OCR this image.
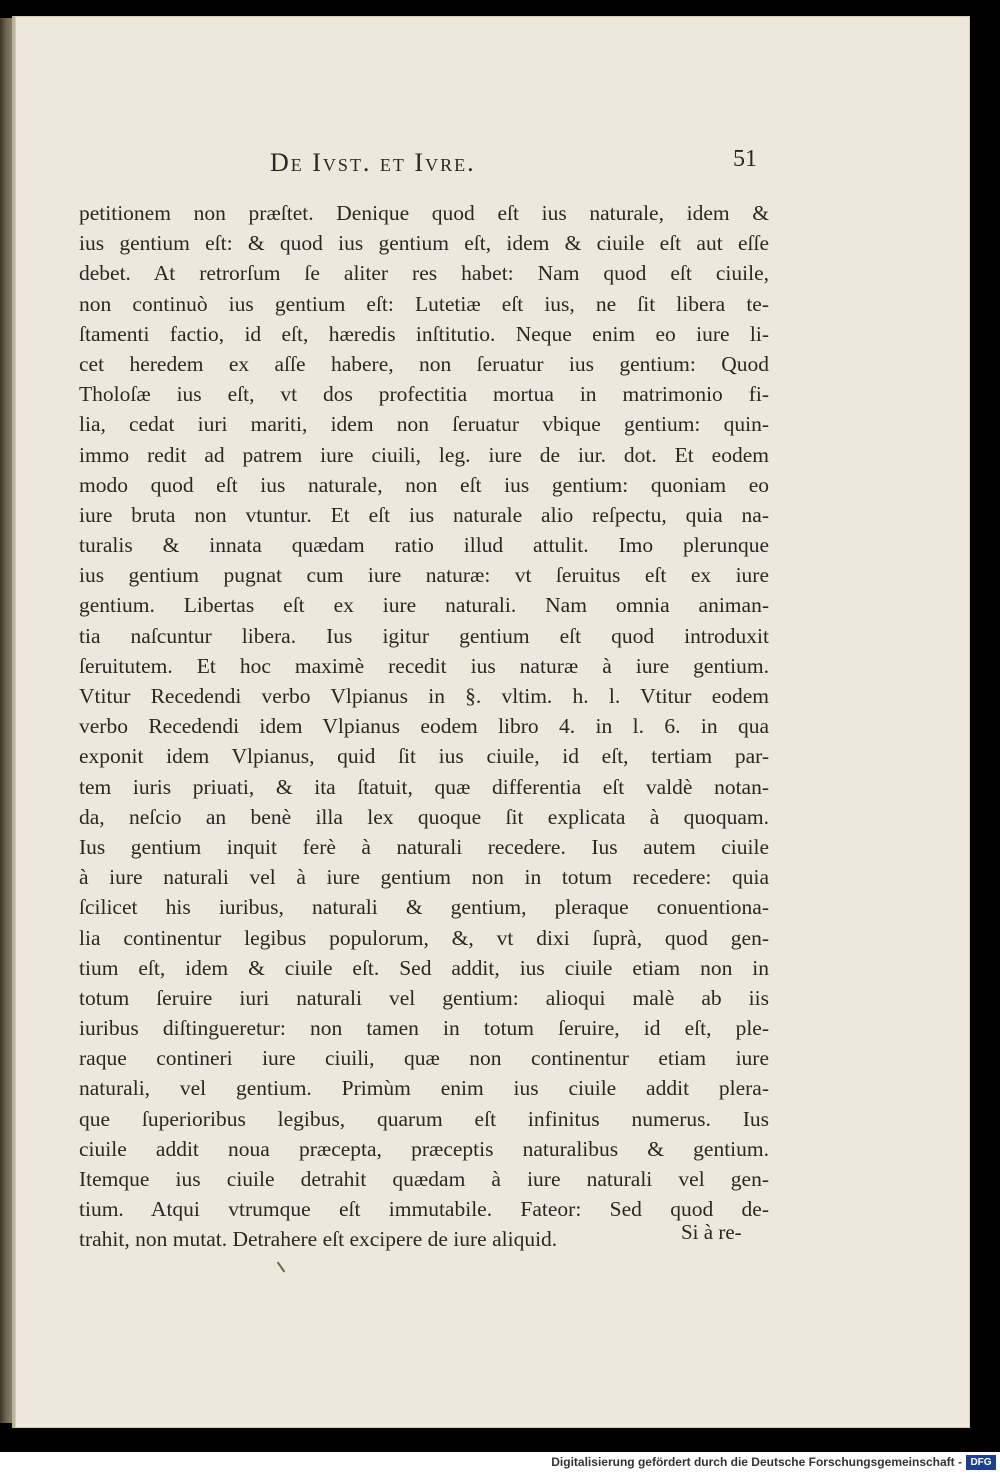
De Ivst. et Ivre.	51
petitionem non præſtet. Denique quod eſt ius naturale, idem &
ius gentium eſt: & quod ius gentium eſt, idem & ciuile eſt aut eſſe
debet. At retrorſum ſe aliter res habet: Nam quod eſt ciuile,
non continuò ius gentium eſt: Lutetiæ eſt ius, ne ſit libera te-
ſtamenti factio, id eſt, hæredis inſtitutio. Neque enim eo iure li-
cet heredem ex aſſe habere, non ſeruatur ius gentium: Quod
Tholoſæ ius eſt, vt dos profectitia mortua in matrimonio fi-
lia, cedat iuri mariti, idem non ſeruatur vbique gentium: quin-
immo redit ad patrem iure ciuili, leg. iure de iur. dot. Et eodem
modo quod eſt ius naturale, non eſt ius gentium: quoniam eo
iure bruta non vtuntur. Et eſt ius naturale alio reſpectu, quia na-
turalis & innata quædam ratio illud attulit. Imo plerunque
ius gentium pugnat cum iure naturæ: vt ſeruitus eſt ex iure
gentium. Libertas eſt ex iure naturali. Nam omnia animan-
tia naſcuntur libera. Ius igitur gentium eſt quod introduxit
ſeruitutem. Et hoc maximè recedit ius naturæ à iure gentium.
Vtitur Recedendi verbo Vlpianus in §. vltim. h. l. Vtitur eodem
verbo Recedendi idem Vlpianus eodem libro 4. in l. 6. in qua
exponit idem Vlpianus, quid ſit ius ciuile, id eſt, tertiam par-
tem iuris priuati, & ita ſtatuit, quæ differentia eſt valdè notan-
da, neſcio an benè illa lex quoque ſit explicata à quoquam.
Ius gentium inquit ferè à naturali recedere. Ius autem ciuile
à iure naturali vel à iure gentium non in totum recedere: quia
ſcilicet his iuribus, naturali & gentium, pleraque conuentiona-
lia continentur legibus populorum, &, vt dixi ſuprà, quod gen-
tium eſt, idem & ciuile eſt. Sed addit, ius ciuile etiam non in
totum ſeruire iuri naturali vel gentium: alioqui malè ab iis
iuribus diſtingueretur: non tamen in totum ſeruire, id eſt, ple-
raque contineri iure ciuili, quæ non continentur etiam iure
naturali, vel gentium. Primùm enim ius ciuile addit plera-
que ſuperioribus legibus, quarum eſt infinitus numerus. Ius
ciuile addit noua præcepta, præceptis naturalibus & gentium.
Itemque ius ciuile detrahit quædam à iure naturali vel gen-
tium. Atqui vtrumque eſt immutabile. Fateor: Sed quod de-
trahit, non mutat. Detrahere eſt excipere de iure aliquid.	Si à re-
Digitalisierung gefördert durch die Deutsche Forschungsgemeinschaft - DFG
